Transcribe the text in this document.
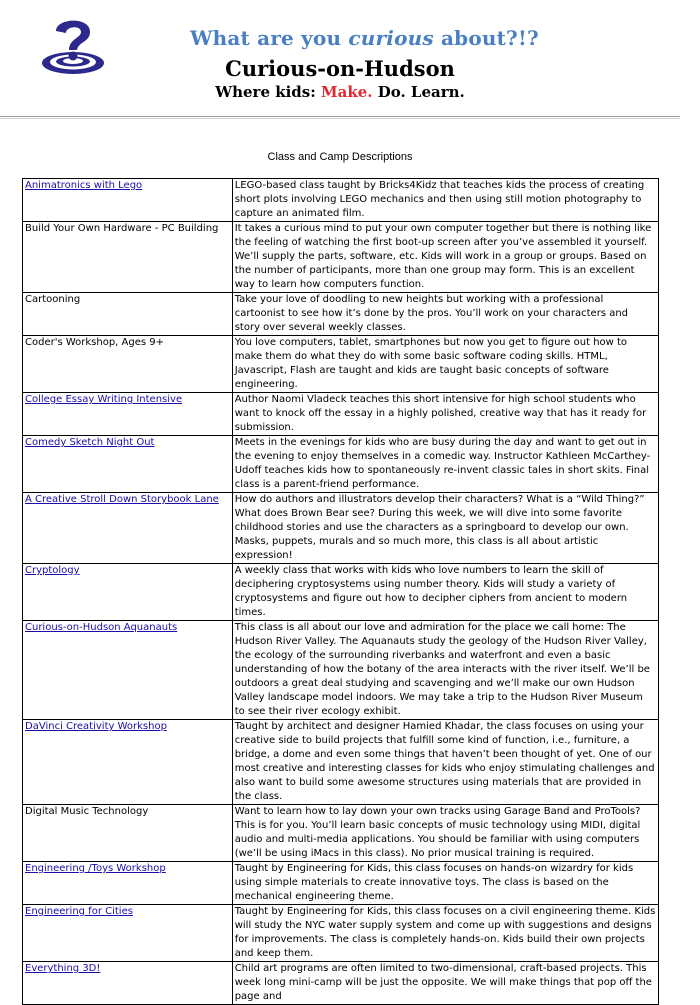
What are you curious about?!?
Curious-on-Hudson
Where kids: Make. Do. Learn.
Class and Camp Descriptions
Animatronics with Lego	LEGO-based class taught by Bricks4Kidz that teaches kids the process of creating short plots involving LEGO mechanics and then using still motion photography to capture an animated film.
Build Your Own Hardware - PC Building	It takes a curious mind to put your own computer together but there is nothing like the feeling of watching the first boot-up screen after you’ve assembled it yourself. We’ll supply the parts, software, etc. Kids will work in a group or groups. Based on the number of participants, more than one group may form. This is an excellent way to learn how computers function.
Cartooning	Take your love of doodling to new heights but working with a professional cartoonist to see how it’s done by the pros. You’ll work on your characters and story over several weekly classes.
Coder's Workshop, Ages 9+	You love computers, tablet, smartphones but now you get to figure out how to make them do what they do with some basic software coding skills. HTML, Javascript, Flash are taught and kids are taught basic concepts of software engineering.
College Essay Writing Intensive	Author Naomi Vladeck teaches this short intensive for high school students who want to knock off the essay in a highly polished, creative way that has it ready for submission.
Comedy Sketch Night Out	Meets in the evenings for kids who are busy during the day and want to get out in the evening to enjoy themselves in a comedic way. Instructor Kathleen McCarthey-Udoff teaches kids how to spontaneously re-invent classic tales in short skits. Final class is a parent-friend performance.
A Creative Stroll Down Storybook Lane	How do authors and illustrators develop their characters? What is a “Wild Thing?” What does Brown Bear see? During this week, we will dive into some favorite childhood stories and use the characters as a springboard to develop our own. Masks, puppets, murals and so much more, this class is all about artistic expression!
Cryptology	A weekly class that works with kids who love numbers to learn the skill of deciphering cryptosystems using number theory. Kids will study a variety of cryptosystems and figure out how to decipher ciphers from ancient to modern times.
Curious-on-Hudson Aquanauts	This class is all about our love and admiration for the place we call home: The Hudson River Valley. The Aquanauts study the geology of the Hudson River Valley, the ecology of the surrounding riverbanks and waterfront and even a basic understanding of how the botany of the area interacts with the river itself. We’ll be outdoors a great deal studying and scavenging and we’ll make our own Hudson Valley landscape model indoors. We may take a trip to the Hudson River Museum to see their river ecology exhibit.
DaVinci Creativity Workshop	Taught by architect and designer Hamied Khadar, the class focuses on using your creative side to build projects that fulfill some kind of function, i.e., furniture, a bridge, a dome and even some things that haven’t been thought of yet. One of our most creative and interesting classes for kids who enjoy stimulating challenges and also want to build some awesome structures using materials that are provided in the class.
Digital Music Technology	Want to learn how to lay down your own tracks using Garage Band and ProTools? This is for you. You’ll learn basic concepts of music technology using MIDI, digital audio and multi-media applications. You should be familiar with using computers (we’ll be using iMacs in this class). No prior musical training is required.
Engineering /Toys Workshop	Taught by Engineering for Kids, this class focuses on hands-on wizardry for kids using simple materials to create innovative toys. The class is based on the mechanical engineering theme.
Engineering for Cities	Taught by Engineering for Kids, this class focuses on a civil engineering theme. Kids will study the NYC water supply system and come up with suggestions and designs for improvements. The class is completely hands-on. Kids build their own projects and keep them.
Everything 3D!	Child art programs are often limited to two-dimensional, craft-based projects. This week long mini-camp will be just the opposite. We will make things that pop off the page and
